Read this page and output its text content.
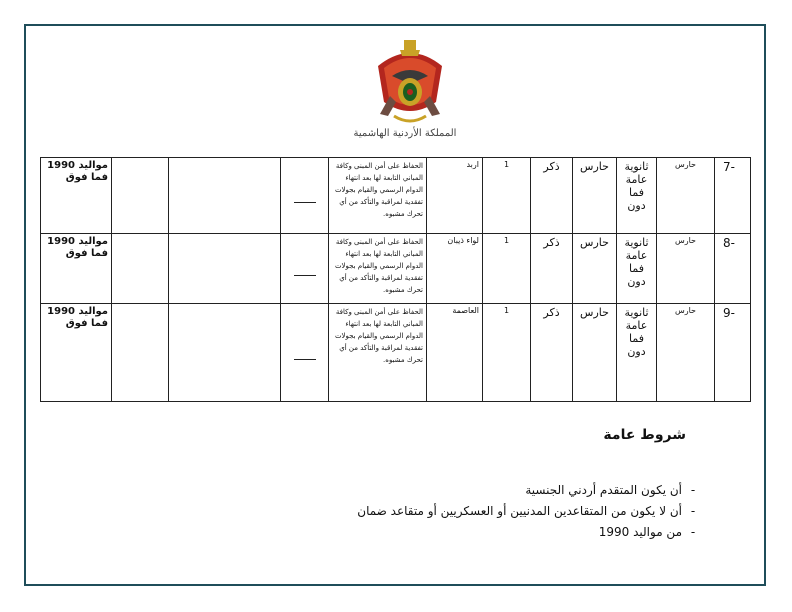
المملكة الأردنية الهاشمية
-7	حارس	ثانوية عامة فما دون	حارس	ذكر	1	اربد	الحفاظ على أمن المبنى وكافة المباني التابعة لها بعد انتهاء الدوام الرسمي والقيام بجولات تفقدية لمراقبة والتأكد من أي تحرك مشبوه.				مواليد 1990 فما فوق
-8	حارس	ثانوية عامة فما دون	حارس	ذكر	1	لواء ذيبان	الحفاظ على أمن المبنى وكافة المباني التابعة لها بعد انتهاء الدوام الرسمي والقيام بجولات تفقدية لمراقبة والتأكد من أي تحرك مشبوه.				مواليد 1990 فما فوق
-9	حارس	ثانوية عامة فما دون	حارس	ذكر	1	العاصمة	الحفاظ على أمن المبنى وكافة المباني التابعة لها بعد انتهاء الدوام الرسمي والقيام بجولات تفقدية لمراقبة والتأكد من أي تحرك مشبوه.				مواليد 1990 فما فوق
شروط عامة
-أن يكون المتقدم أردني الجنسية
-أن لا يكون من المتقاعدين المدنيين أو العسكريين أو متقاعد ضمان
-من مواليد 1990
